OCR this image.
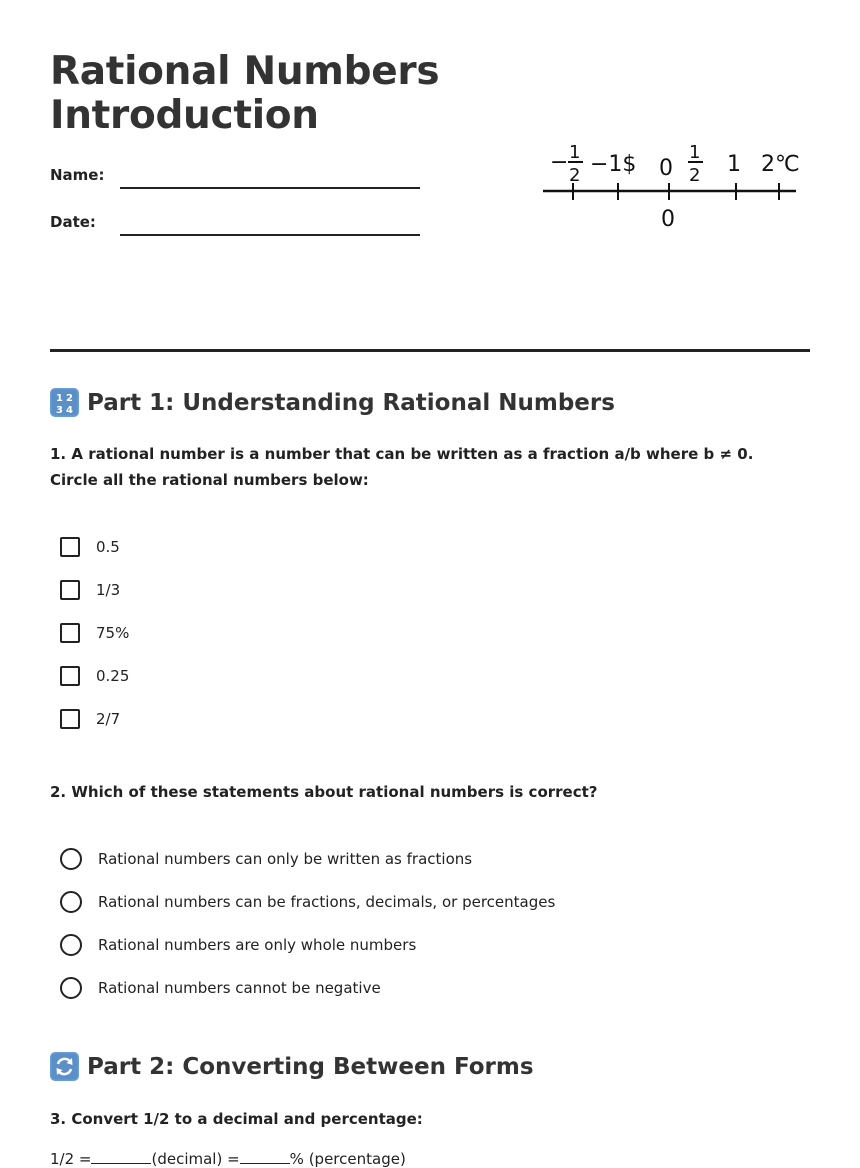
Rational Numbers
Introduction
Name:
Date:
− 1
2 −1$ 0
1
2 1 2℃
0
1 2
3 4 Part 1: Understanding Rational Numbers

1. A rational number is a number that can be written as a fraction a/b where b ≠ 0. Circle all the rational numbers below:

0.5
1/3
75%
0.25
2/7

2. Which of these statements about rational numbers is correct?

Rational numbers can only be written as fractions
Rational numbers can be fractions, decimals, or percentages
Rational numbers are only whole numbers
Rational numbers cannot be negative
Part 2: Converting Between Forms

3. Convert 1/2 to a decimal and percentage:

1/2 =	(decimal) =	% (percentage)
